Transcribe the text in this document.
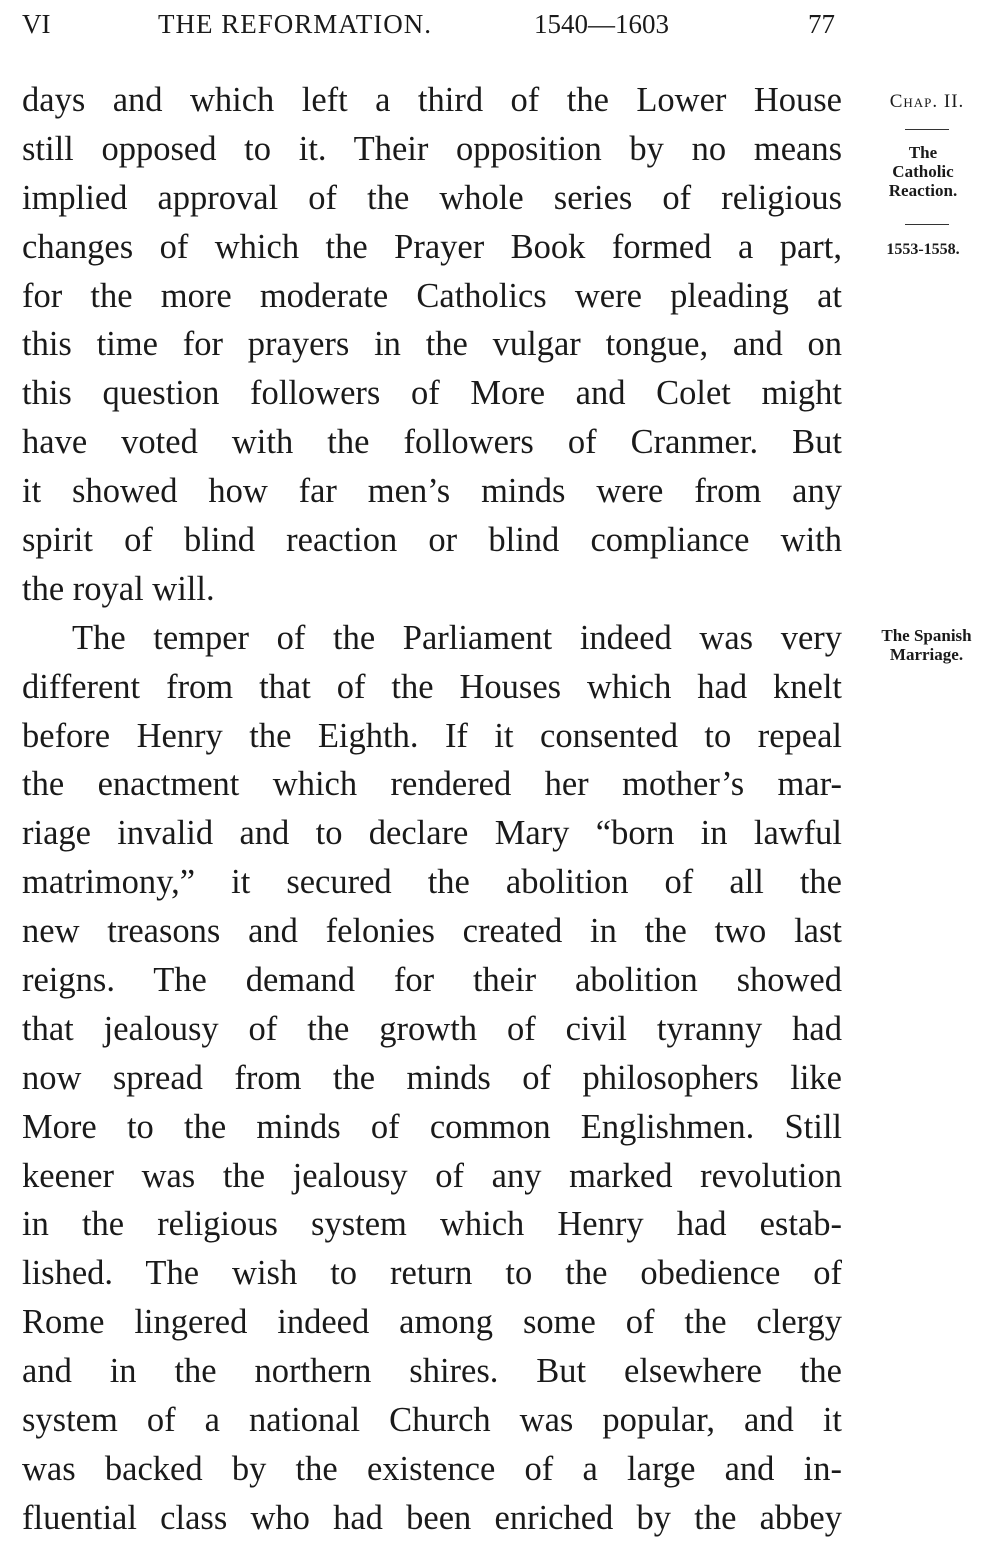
VI	THE REFORMATION.	1540—1603	77
Chap. II.
The
Catholic
Reaction.
1553-1558.
The Spanish
Marriage.
days and which left a third of the Lower House
still opposed to it. Their opposition by no means
implied approval of the whole series of religious
changes of which the Prayer Book formed a part,
for the more moderate Catholics were pleading at
this time for prayers in the vulgar tongue, and on
this question followers of More and Colet might
have voted with the followers of Cranmer. But
it showed how far men’s minds were from any
spirit of blind reaction or blind compliance with
the royal will.
The temper of the Parliament indeed was very
different from that of the Houses which had knelt
before Henry the Eighth. If it consented to repeal
the enactment which rendered her mother’s mar-
riage invalid and to declare Mary “born in lawful
matrimony,” it secured the abolition of all the
new treasons and felonies created in the two last
reigns. The demand for their abolition showed
that jealousy of the growth of civil tyranny had
now spread from the minds of philosophers like
More to the minds of common Englishmen. Still
keener was the jealousy of any marked revolution
in the religious system which Henry had estab-
lished. The wish to return to the obedience of
Rome lingered indeed among some of the clergy
and in the northern shires. But elsewhere the
system of a national Church was popular, and it
was backed by the existence of a large and in-
fluential class who had been enriched by the abbey
